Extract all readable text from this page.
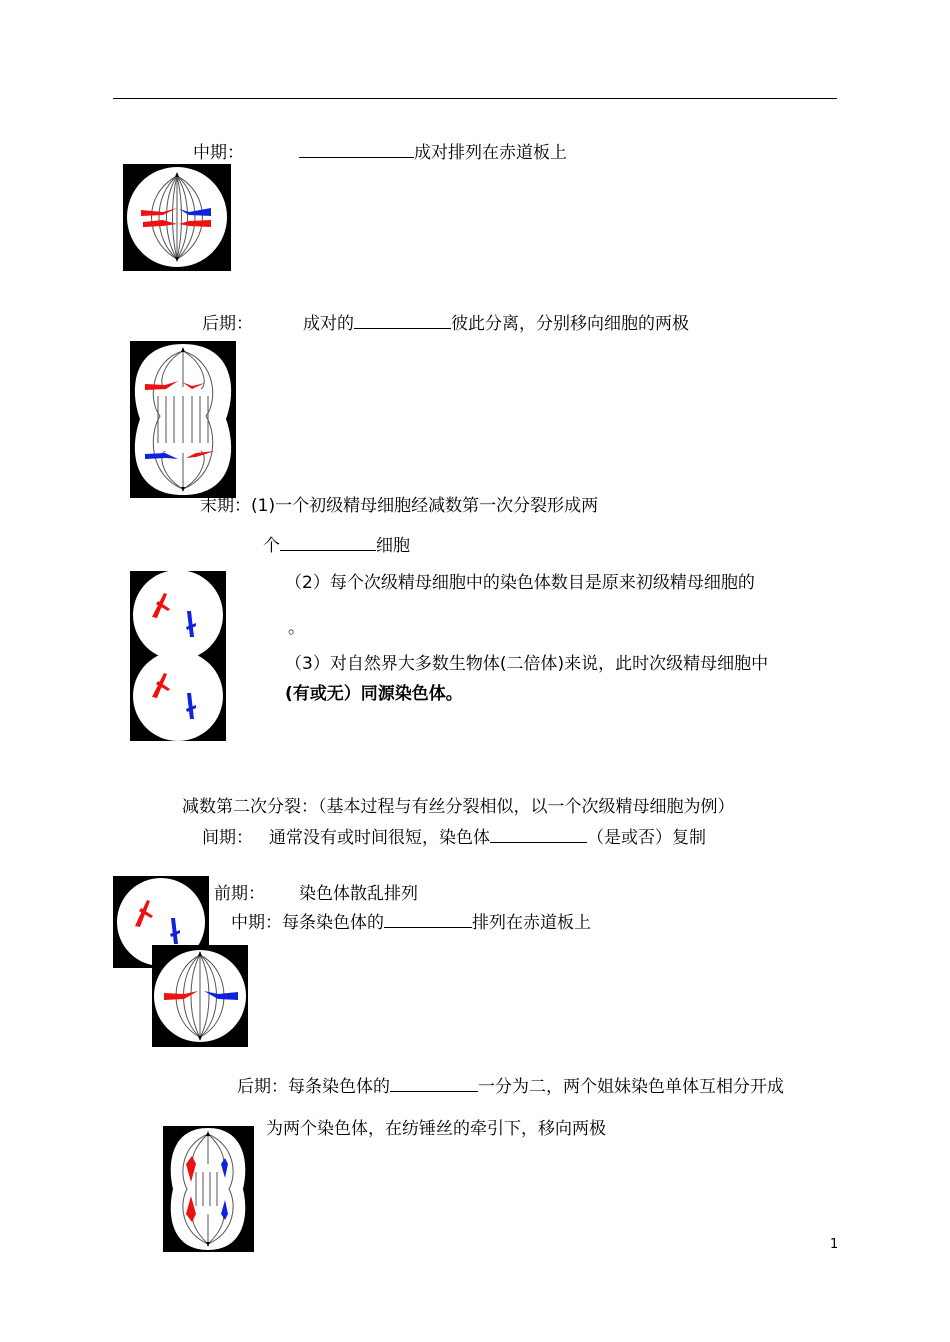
中期：	成对排列在赤道板上
后期：	成对的	彼此分离，分别移向细胞的两极
末期：(1)一个初级精母细胞经减数第一次分裂形成两
个	细胞
（2）每个次级精母细胞中的染色体数目是原来初级精母细胞的
。
（3）对自然界大多数生物体(二倍体)来说，此时次级精母细胞中
(有或无）同源染色体。
减数第二次分裂：（基本过程与有丝分裂相似，以一个次级精母细胞为例）
间期： 通常没有或时间很短，染色体	（是或否）复制
前期： 染色体散乱排列
中期：每条染色体的	排列在赤道板上
后期：每条染色体的	一分为二，两个姐妹染色单体互相分开成
为两个染色体，在纺锤丝的牵引下，移向两极
1
